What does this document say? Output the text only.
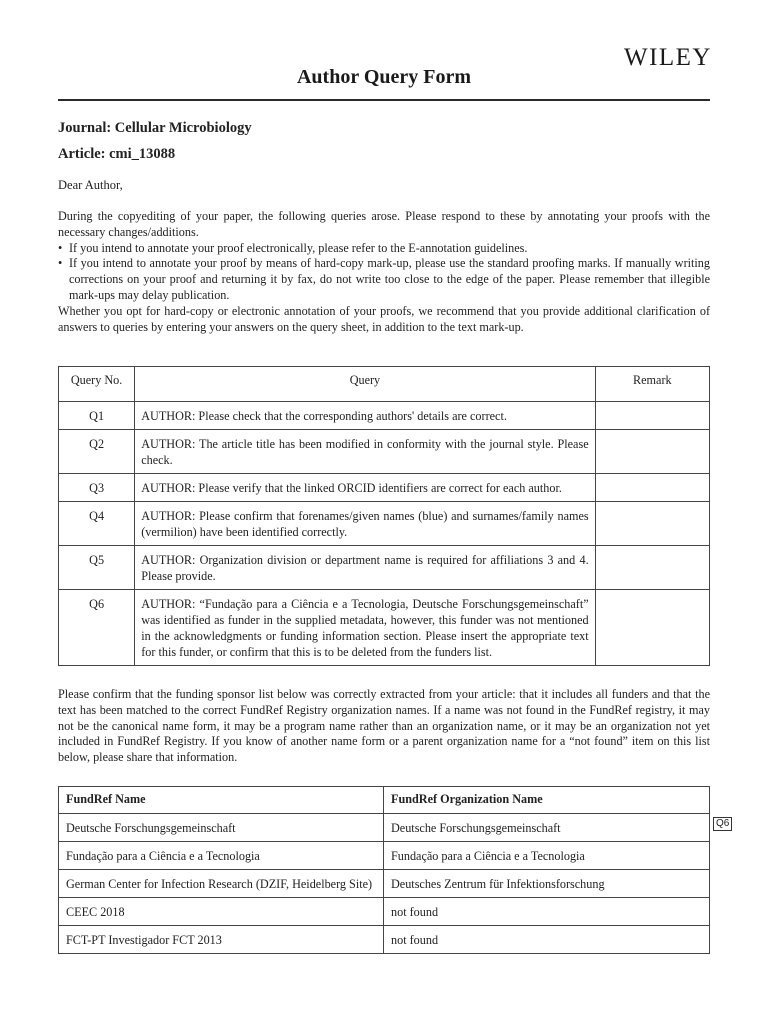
WILEY
Author Query Form
Journal: Cellular Microbiology
Article: cmi_13088
Dear Author,

During the copyediting of your paper, the following queries arose. Please respond to these by annotating your proofs with the necessary changes/additions.

• If you intend to annotate your proof electronically, please refer to the E-annotation guidelines.
• If you intend to annotate your proof by means of hard-copy mark-up, please use the standard proofing marks. If manually writing corrections on your proof and returning it by fax, do not write too close to the edge of the paper. Please remember that illegible mark-ups may delay publication.

Whether you opt for hard-copy or electronic annotation of your proofs, we recommend that you provide additional clarification of answers to queries by entering your answers on the query sheet, in addition to the text mark-up.

Query No.	Query	Remark
Q1	AUTHOR: Please check that the corresponding authors' details are correct.	
Q2	AUTHOR: The article title has been modified in conformity with the journal style. Please check.	
Q3	AUTHOR: Please verify that the linked ORCID identifiers are correct for each author.	
Q4	AUTHOR: Please confirm that forenames/given names (blue) and surnames/family names (vermilion) have been identified correctly.	
Q5	AUTHOR: Organization division or department name is required for affiliations 3 and 4. Please provide.	
Q6	AUTHOR: “Fundação para a Ciência e a Tecnologia, Deutsche Forschungsgemeinschaft” was identified as funder in the supplied metadata, however, this funder was not mentioned in the acknowledgments or funding information section. Please insert the appropriate text for this funder, or confirm that this is to be deleted from the funders list.	
Please confirm that the funding sponsor list below was correctly extracted from your article: that it includes all funders and that the text has been matched to the correct FundRef Registry organization names. If a name was not found in the FundRef registry, it may not be the canonical name form, it may be a program name rather than an organization name, or it may be an organization not yet included in FundRef Registry. If you know of another name form or a parent organization name for a “not found” item on this list below, please share that information.
FundRef Name	FundRef Organization Name
Deutsche Forschungsgemeinschaft	Deutsche Forschungsgemeinschaft
Fundação para a Ciência e a Tecnologia	Fundação para a Ciência e a Tecnologia
German Center for Infection Research (DZIF, Heidelberg Site)	Deutsches Zentrum für Infektionsforschung
CEEC 2018	not found
FCT-PT Investigador FCT 2013	not found
Q6
